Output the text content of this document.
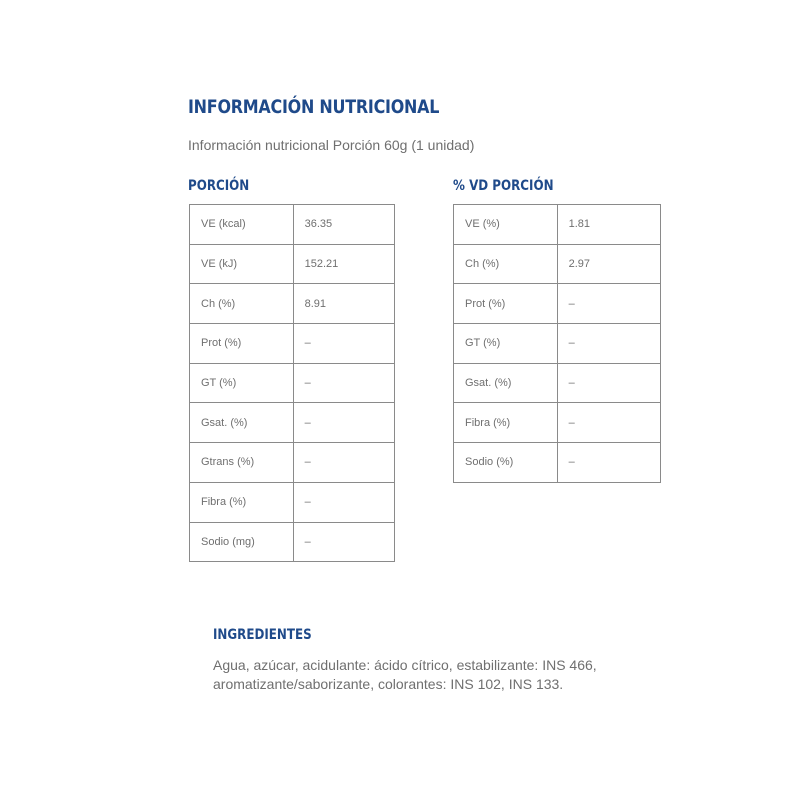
INFORMACIÓN NUTRICIONAL
Información nutricional Porción 60g (1 unidad)
PORCIÓN
VE (kcal)	36.35
VE (kJ)	152.21
Ch (%)	8.91
Prot (%)	–
GT (%)	–
Gsat. (%)	–
Gtrans (%)	–
Fibra (%)	–
Sodio (mg)	–
% VD PORCIÓN
VE (%)	1.81
Ch (%)	2.97
Prot (%)	–
GT (%)	–
Gsat. (%)	–
Fibra (%)	–
Sodio (%)	–
INGREDIENTES
Agua, azúcar, acidulante: ácido cítrico, estabilizante: INS 466, aromatizante/saborizante, colorantes: INS 102, INS 133.
